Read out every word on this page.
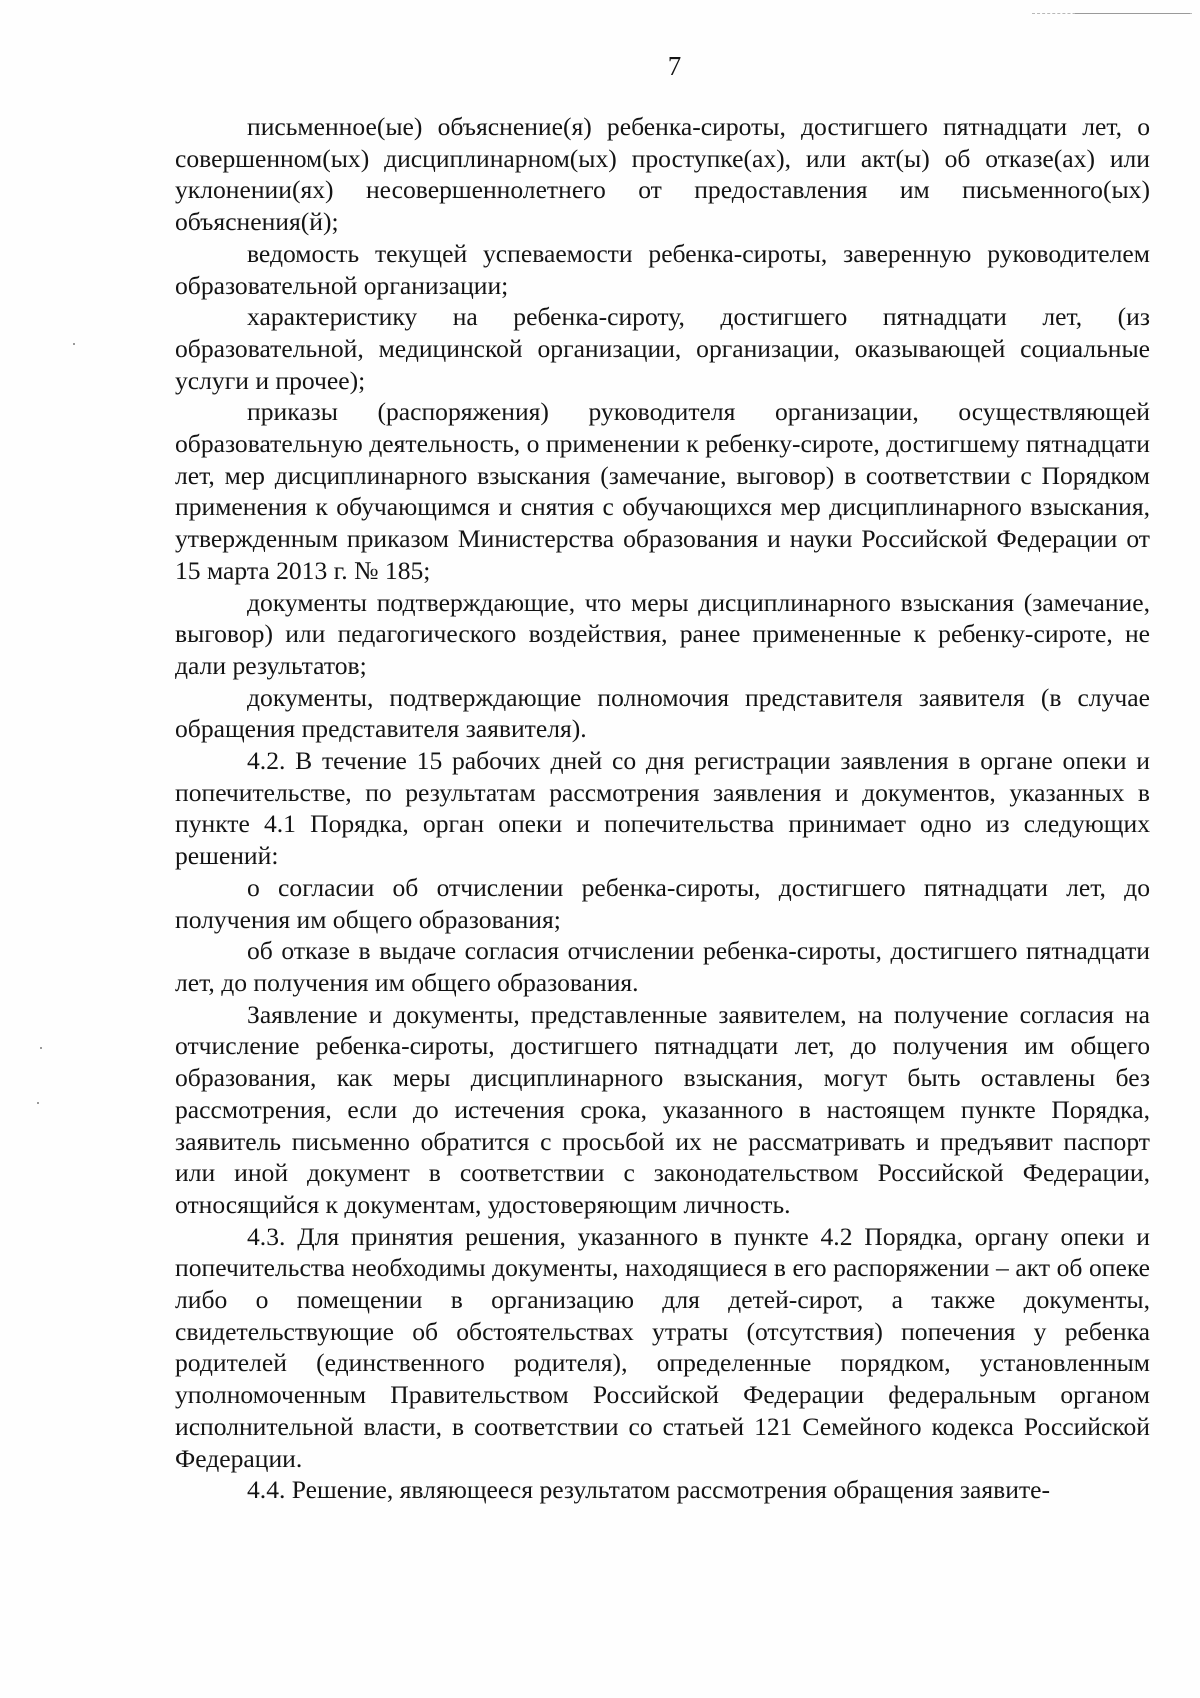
7

письменное(ые) объяснение(я) ребенка-сироты, достигшего пятнадцати лет, о совершенном(ых) дисциплинарном(ых) проступке(ах), или акт(ы) об отказе(ах) или уклонении(ях) несовершеннолетнего от предоставления им письменного(ых) объяснения(й);

ведомость текущей успеваемости ребенка-сироты, заверенную руководителем образовательной организации;

характеристику на ребенка-сироту, достигшего пятнадцати лет, (из образовательной, медицинской организации, организации, оказывающей социальные услуги и прочее);

приказы (распоряжения) руководителя организации, осуществляющей образовательную деятельность, о применении к ребенку-сироте, достигшему пятнадцати лет, мер дисциплинарного взыскания (замечание, выговор) в соответствии с Порядком применения к обучающимся и снятия с обучающихся мер дисциплинарного взыскания, утвержденным приказом Министерства образования и науки Российской Федерации от 15 марта 2013 г. № 185;

документы подтверждающие, что меры дисциплинарного взыскания (замечание, выговор) или педагогического воздействия, ранее примененные к ребенку-сироте, не дали результатов;

документы, подтверждающие полномочия представителя заявителя (в случае обращения представителя заявителя).

4.2. В течение 15 рабочих дней со дня регистрации заявления в органе опеки и попечительстве, по результатам рассмотрения заявления и документов, указанных в пункте 4.1 Порядка, орган опеки и попечительства принимает одно из следующих решений:

о согласии об отчислении ребенка-сироты, достигшего пятнадцати лет, до получения им общего образования;

об отказе в выдаче согласия отчислении ребенка-сироты, достигшего пятнадцати лет, до получения им общего образования.

Заявление и документы, представленные заявителем, на получение согласия на отчисление ребенка-сироты, достигшего пятнадцати лет, до получения им общего образования, как меры дисциплинарного взыскания, могут быть оставлены без рассмотрения, если до истечения срока, указанного в настоящем пункте Порядка, заявитель письменно обратится с просьбой их не рассматривать и предъявит паспорт или иной документ в соответствии с законодательством Российской Федерации, относящийся к документам, удостоверяющим личность.

4.3. Для принятия решения, указанного в пункте 4.2 Порядка, органу опеки и попечительства необходимы документы, находящиеся в его распоряжении – акт об опеке либо о помещении в организацию для детей-сирот, а также документы, свидетельствующие об обстоятельствах утраты (отсутствия) попечения у ребенка родителей (единственного родителя), определенные порядком, установленным уполномоченным Правительством Российской Федерации федеральным органом исполнительной власти, в соответствии со статьей 121 Семейного кодекса Российской Федерации.

4.4. Решение, являющееся результатом рассмотрения обращения заявите-
